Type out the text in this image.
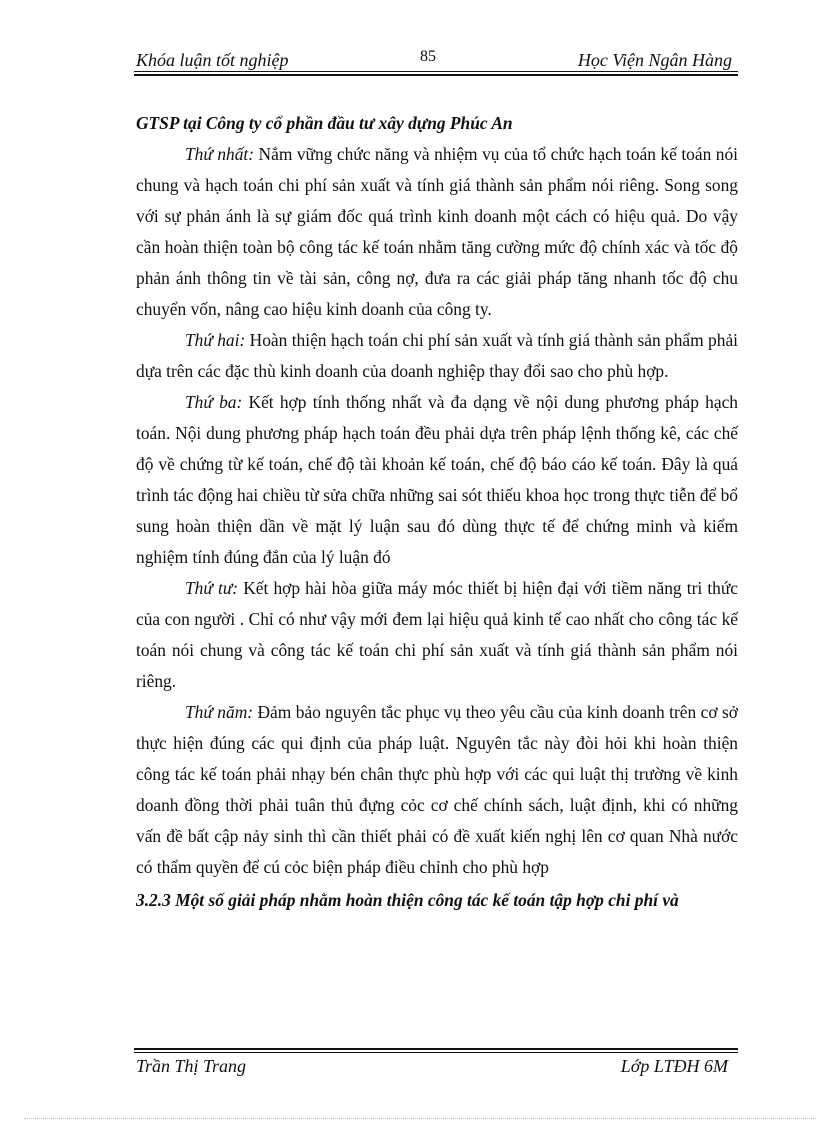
Khóa luận tốt nghiệp	85	Học Viện Ngân Hàng

GTSP tại Công ty cổ phần đầu tư xây dựng Phúc An

Thứ nhất: Nắm vững chức năng và nhiệm vụ của tổ chức hạch toán kế toán nói chung và hạch toán chi phí sản xuất và tính giá thành sản phẩm nói riêng. Song song với sự phản ánh là sự giám đốc quá trình kinh doanh một cách có hiệu quả. Do vậy cần hoàn thiện toàn bộ công tác kế toán nhằm tăng cường mức độ chính xác và tốc độ phản ánh thông tin về tài sản, công nợ, đưa ra các giải pháp tăng nhanh tốc độ chu chuyển vốn, nâng cao hiệu kinh doanh của công ty.

Thứ hai: Hoàn thiện hạch toán chi phí sản xuất và tính giá thành sản phẩm phải dựa trên các đặc thù kinh doanh của doanh nghiệp thay đổi sao cho phù hợp.

Thứ ba: Kết hợp tính thống nhất và đa dạng về nội dung phương pháp hạch toán. Nội dung phương pháp hạch toán đều phải dựa trên pháp lệnh thống kê, các chế độ về chứng từ kế toán, chế độ tài khoản kế toán, chế độ báo cáo kế toán. Đây là quá trình tác động hai chiều từ sửa chữa những sai sót thiếu khoa học trong thực tiễn để bổ sung hoàn thiện dần về mặt lý luận sau đó dùng thực tế để chứng minh và kiểm nghiệm tính đúng đắn của lý luận đó

Thứ tư: Kết hợp hài hòa giữa máy móc thiết bị hiện đại với tiềm năng tri thức của con người . Chỉ có như vậy mới đem lại hiệu quả kinh tế cao nhất cho công tác kế toán nói chung và công tác kế toán chi phí sản xuất và tính giá thành sản phẩm nói riêng.

Thứ năm: Đảm bảo nguyên tắc phục vụ theo yêu cầu của kinh doanh trên cơ sở thực hiện đúng các qui định của pháp luật. Nguyên tắc này đòi hỏi khi hoàn thiện công tác kế toán phải nhạy bén chân thực phù hợp với các qui luật thị trường về kinh doanh đồng thời phải tuân thủ đựng cỏc cơ chế chính sách, luật định, khi có những vấn đề bất cập nảy sinh thì cần thiết phải có đề xuất kiến nghị lên cơ quan Nhà nước có thẩm quyền để cú cỏc biện pháp điều chỉnh cho phù hợp

3.2.3 Một số giải pháp nhằm hoàn thiện công tác kế toán tập hợp chi phí và

Trần Thị Trang	Lớp LTĐH 6M
